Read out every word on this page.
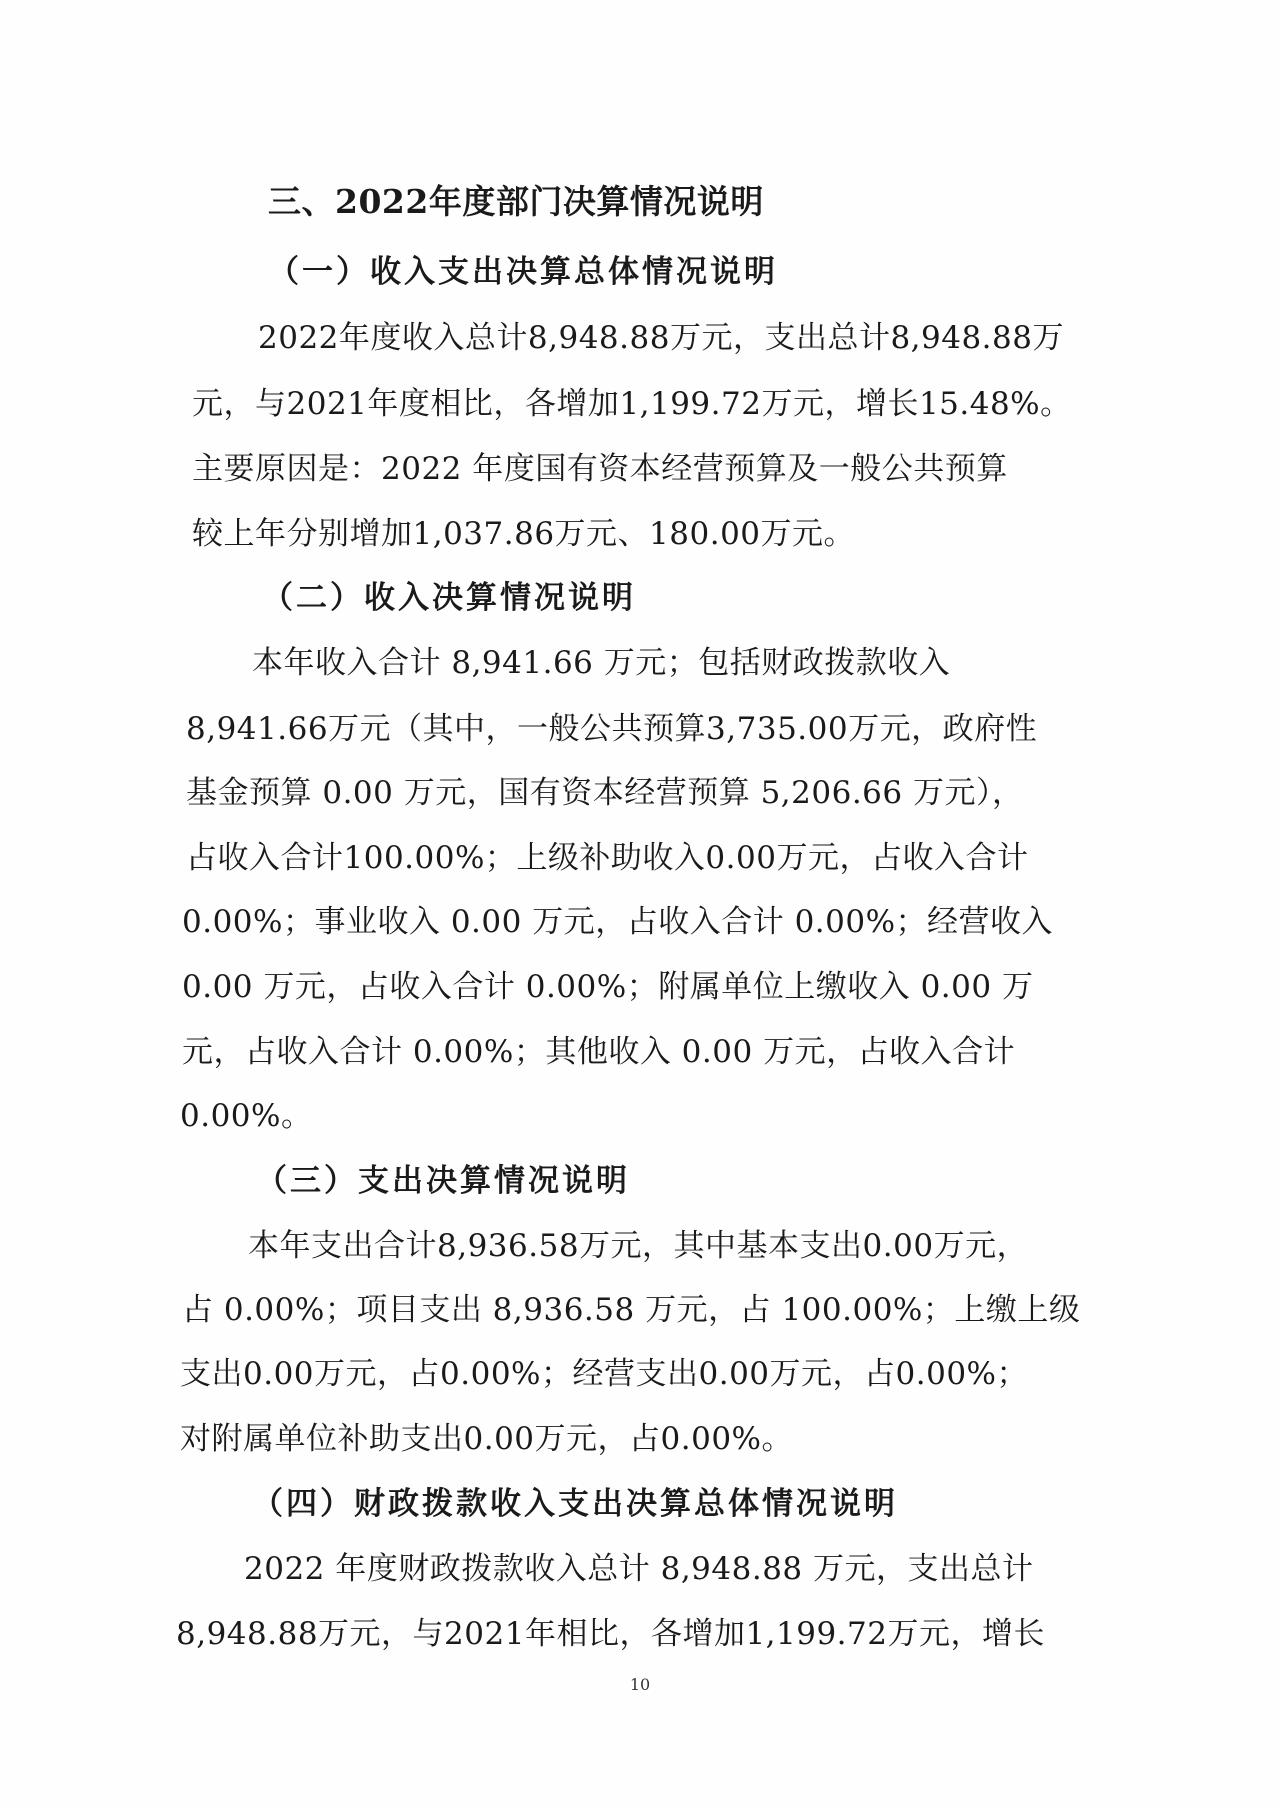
三、2022年度部门决算情况说明
（一）收入支出决算总体情况说明
2022年度收入总计8,948.88万元，支出总计8,948.88万
元，与2021年度相比，各增加1,199.72万元，增长15.48%。
主要原因是：2022 年度国有资本经营预算及一般公共预算
较上年分别增加1,037.86万元、180.00万元。
（二）收入决算情况说明
本年收入合计 8,941.66 万元；包括财政拨款收入
8,941.66万元（其中，一般公共预算3,735.00万元，政府性
基金预算 0.00 万元，国有资本经营预算 5,206.66 万元），
占收入合计100.00%；上级补助收入0.00万元，占收入合计
0.00%；事业收入 0.00 万元，占收入合计 0.00%；经营收入
0.00 万元，占收入合计 0.00%；附属单位上缴收入 0.00 万
元，占收入合计 0.00%；其他收入 0.00 万元，占收入合计
0.00%。
（三）支出决算情况说明
本年支出合计8,936.58万元，其中基本支出0.00万元，
占 0.00%；项目支出 8,936.58 万元，占 100.00%；上缴上级
支出0.00万元，占0.00%；经营支出0.00万元，占0.00%；
对附属单位补助支出0.00万元，占0.00%。
（四）财政拨款收入支出决算总体情况说明
2022 年度财政拨款收入总计 8,948.88 万元，支出总计
8,948.88万元，与2021年相比，各增加1,199.72万元，增长
10
